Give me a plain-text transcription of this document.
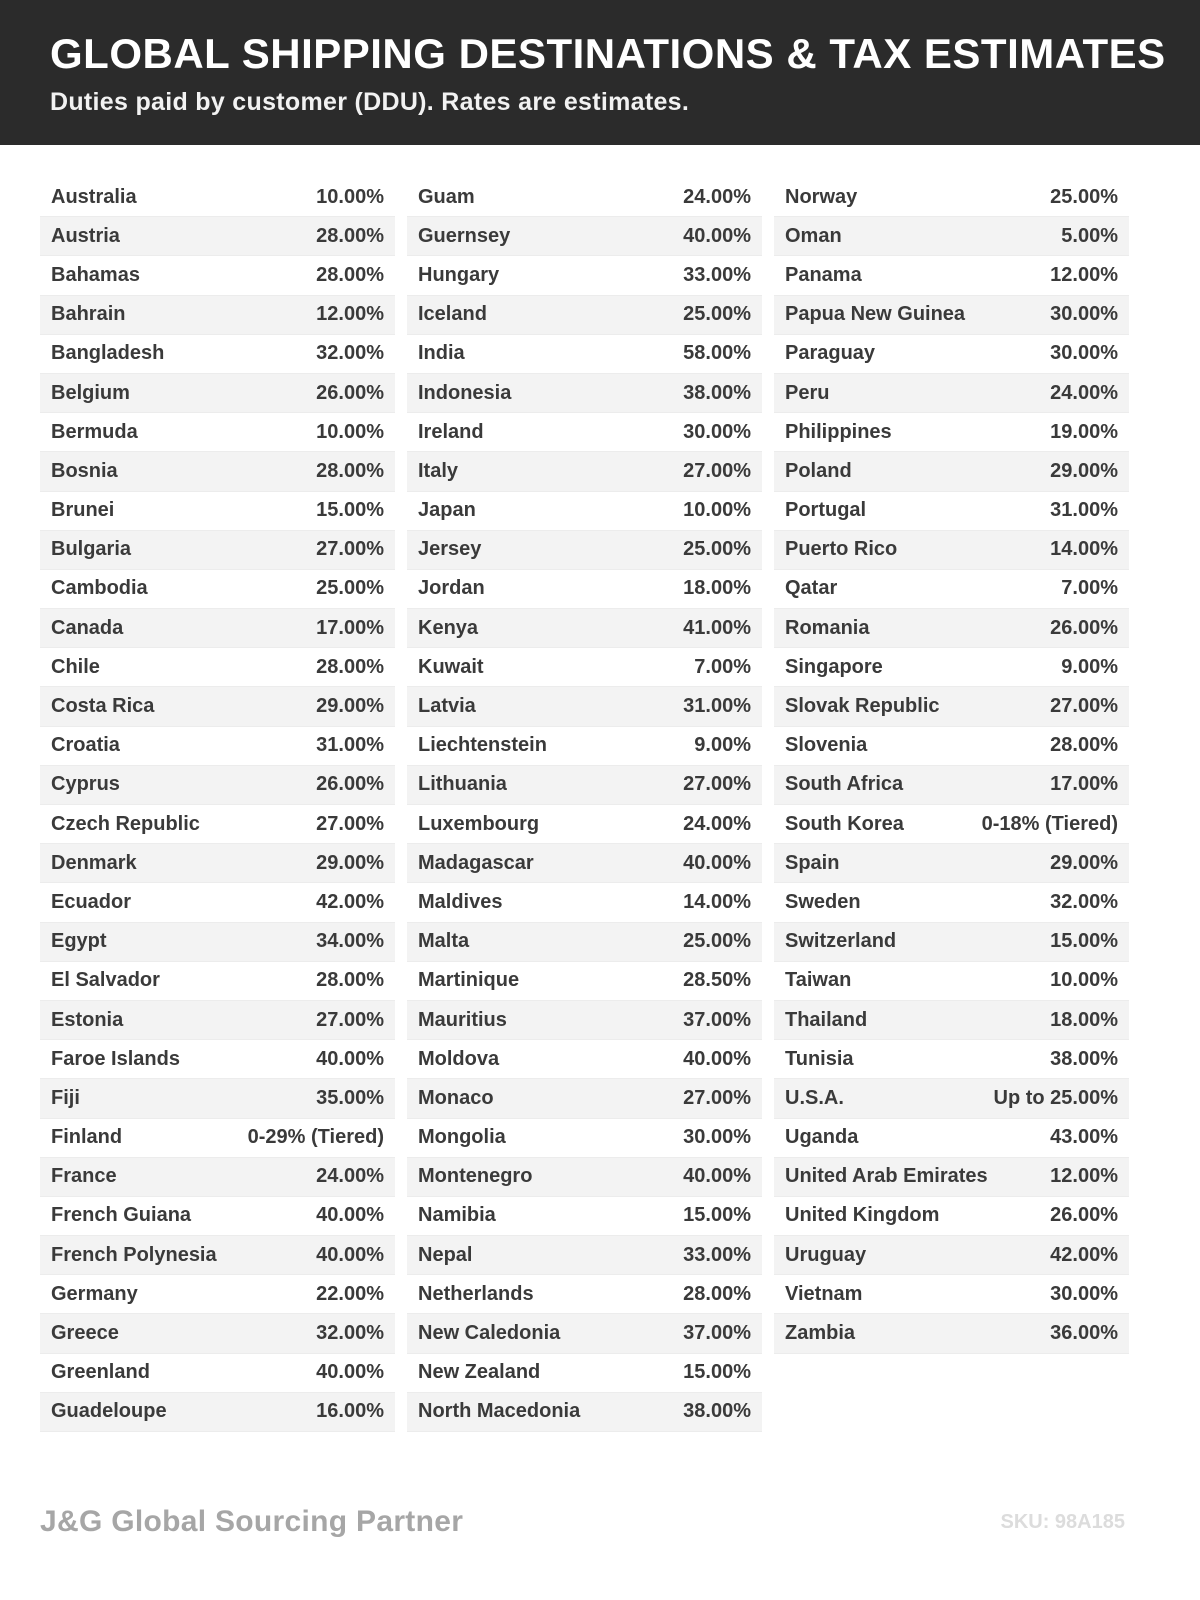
GLOBAL SHIPPING DESTINATIONS & TAX ESTIMATES
Duties paid by customer (DDU). Rates are estimates.
Australia	10.00%
Austria	28.00%
Bahamas	28.00%
Bahrain	12.00%
Bangladesh	32.00%
Belgium	26.00%
Bermuda	10.00%
Bosnia	28.00%
Brunei	15.00%
Bulgaria	27.00%
Cambodia	25.00%
Canada	17.00%
Chile	28.00%
Costa Rica	29.00%
Croatia	31.00%
Cyprus	26.00%
Czech Republic	27.00%
Denmark	29.00%
Ecuador	42.00%
Egypt	34.00%
El Salvador	28.00%
Estonia	27.00%
Faroe Islands	40.00%
Fiji	35.00%
Finland	0-29% (Tiered)
France	24.00%
French Guiana	40.00%
French Polynesia	40.00%
Germany	22.00%
Greece	32.00%
Greenland	40.00%
Guadeloupe	16.00%
Guam	24.00%
Guernsey	40.00%
Hungary	33.00%
Iceland	25.00%
India	58.00%
Indonesia	38.00%
Ireland	30.00%
Italy	27.00%
Japan	10.00%
Jersey	25.00%
Jordan	18.00%
Kenya	41.00%
Kuwait	7.00%
Latvia	31.00%
Liechtenstein	9.00%
Lithuania	27.00%
Luxembourg	24.00%
Madagascar	40.00%
Maldives	14.00%
Malta	25.00%
Martinique	28.50%
Mauritius	37.00%
Moldova	40.00%
Monaco	27.00%
Mongolia	30.00%
Montenegro	40.00%
Namibia	15.00%
Nepal	33.00%
Netherlands	28.00%
New Caledonia	37.00%
New Zealand	15.00%
North Macedonia	38.00%
Norway	25.00%
Oman	5.00%
Panama	12.00%
Papua New Guinea	30.00%
Paraguay	30.00%
Peru	24.00%
Philippines	19.00%
Poland	29.00%
Portugal	31.00%
Puerto Rico	14.00%
Qatar	7.00%
Romania	26.00%
Singapore	9.00%
Slovak Republic	27.00%
Slovenia	28.00%
South Africa	17.00%
South Korea	0-18% (Tiered)
Spain	29.00%
Sweden	32.00%
Switzerland	15.00%
Taiwan	10.00%
Thailand	18.00%
Tunisia	38.00%
U.S.A.	Up to 25.00%
Uganda	43.00%
United Arab Emirates	12.00%
United Kingdom	26.00%
Uruguay	42.00%
Vietnam	30.00%
Zambia	36.00%
J&G Global Sourcing Partner	SKU: 98A185
